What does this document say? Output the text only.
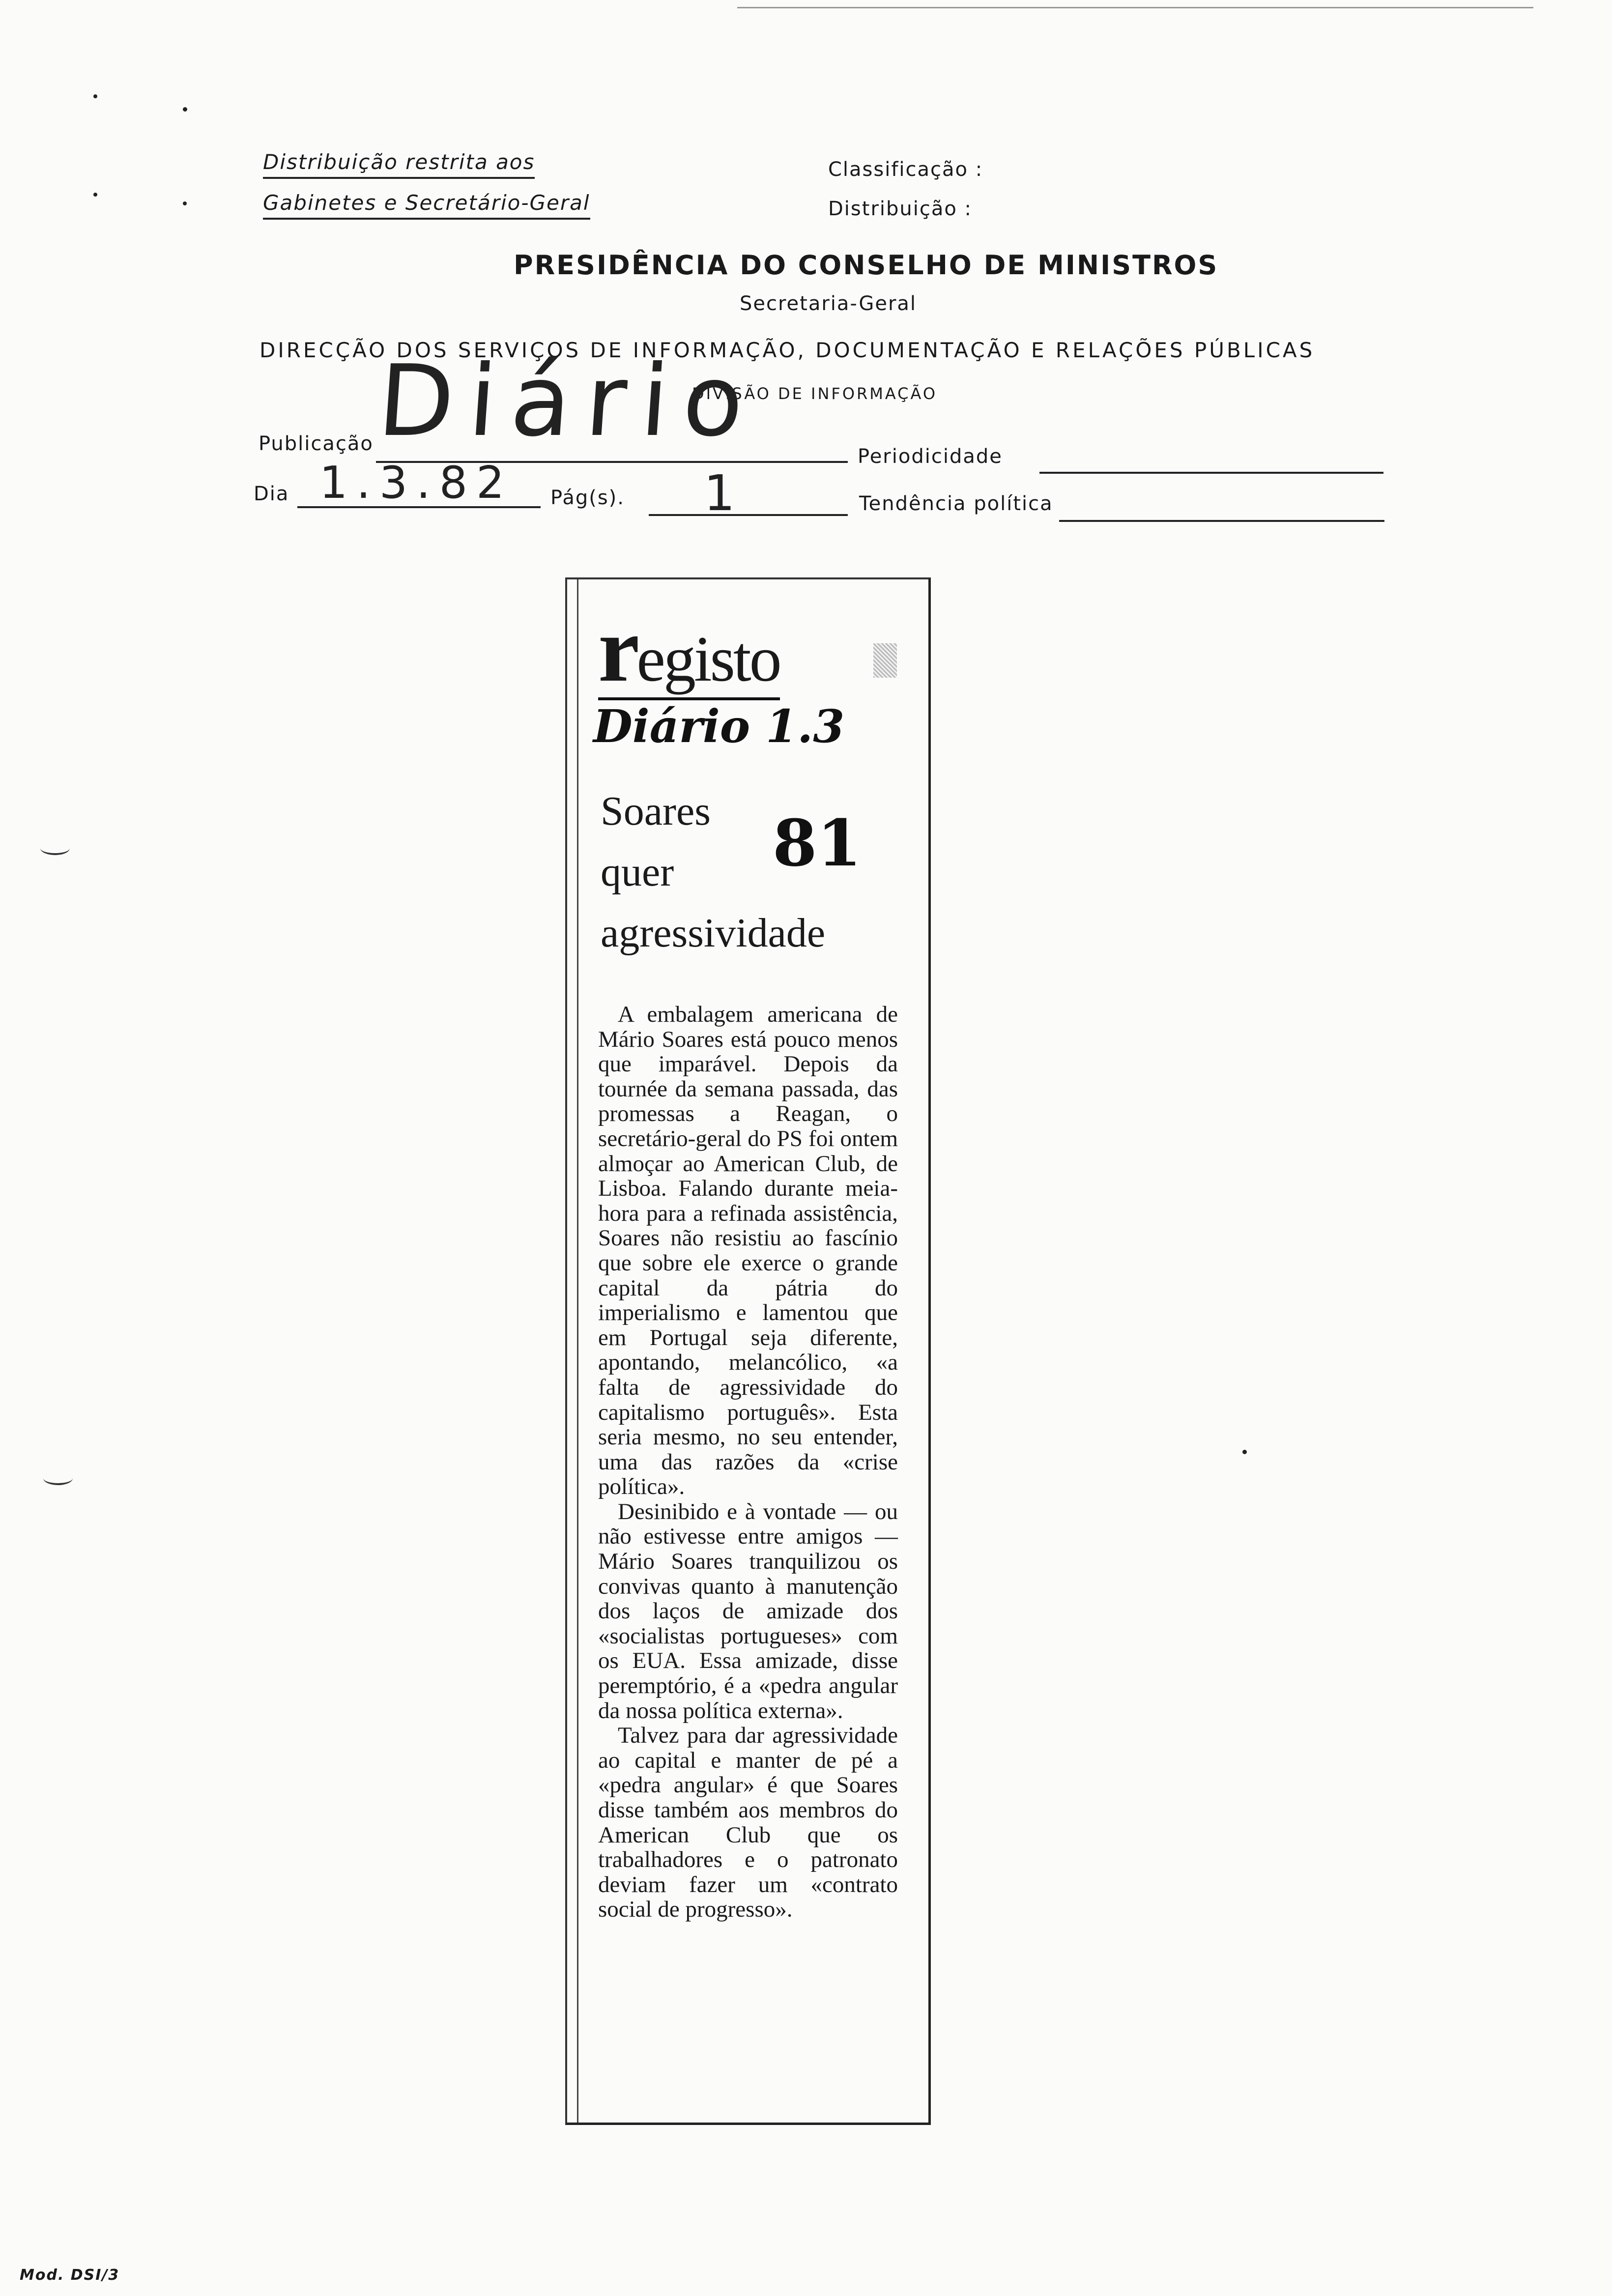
Distribuição restrita aos
Gabinetes e Secretário-Geral
Classificação :
Distribuição :
PRESIDÊNCIA DO CONSELHO DE MINISTROS
Secretaria-Geral
DIRECÇÃO DOS SERVIÇOS DE INFORMAÇÃO, DOCUMENTAÇÃO E RELAÇÕES PÚBLICAS
DIVISÃO DE INFORMAÇÃO
Diário
Publicação
Periodicidade
Dia 1.3.82 Pág(s). 1	Tendência política
registo
Diário 1.3
81
Soares
quer
agressividade

A embalagem americana de Mário Soares está pouco menos que imparável. Depois da tournée da semana passada, das promessas a Reagan, o secretário-geral do PS foi ontem almoçar ao American Club, de Lisboa. Falando durante meia-hora para a refinada assistência, Soares não resistiu ao fascínio que sobre ele exerce o grande capital da pátria do imperialismo e lamentou que em Portugal seja diferente, apontando, melancólico, «a falta de agressividade do capitalismo português». Esta seria mesmo, no seu entender, uma das razões da «crise política».

Desinibido e à vontade — ou não estivesse entre amigos — Mário Soares tranquilizou os convivas quanto à manutenção dos laços de amizade dos «socialistas portugueses» com os EUA. Essa amizade, disse peremptório, é a «pedra angular da nossa política externa».

Talvez para dar agressividade ao capital e manter de pé a «pedra angular» é que Soares disse também aos membros do American Club que os trabalhadores e o patronato deviam fazer um «contrato social de progresso».

Mod. DSI/3
